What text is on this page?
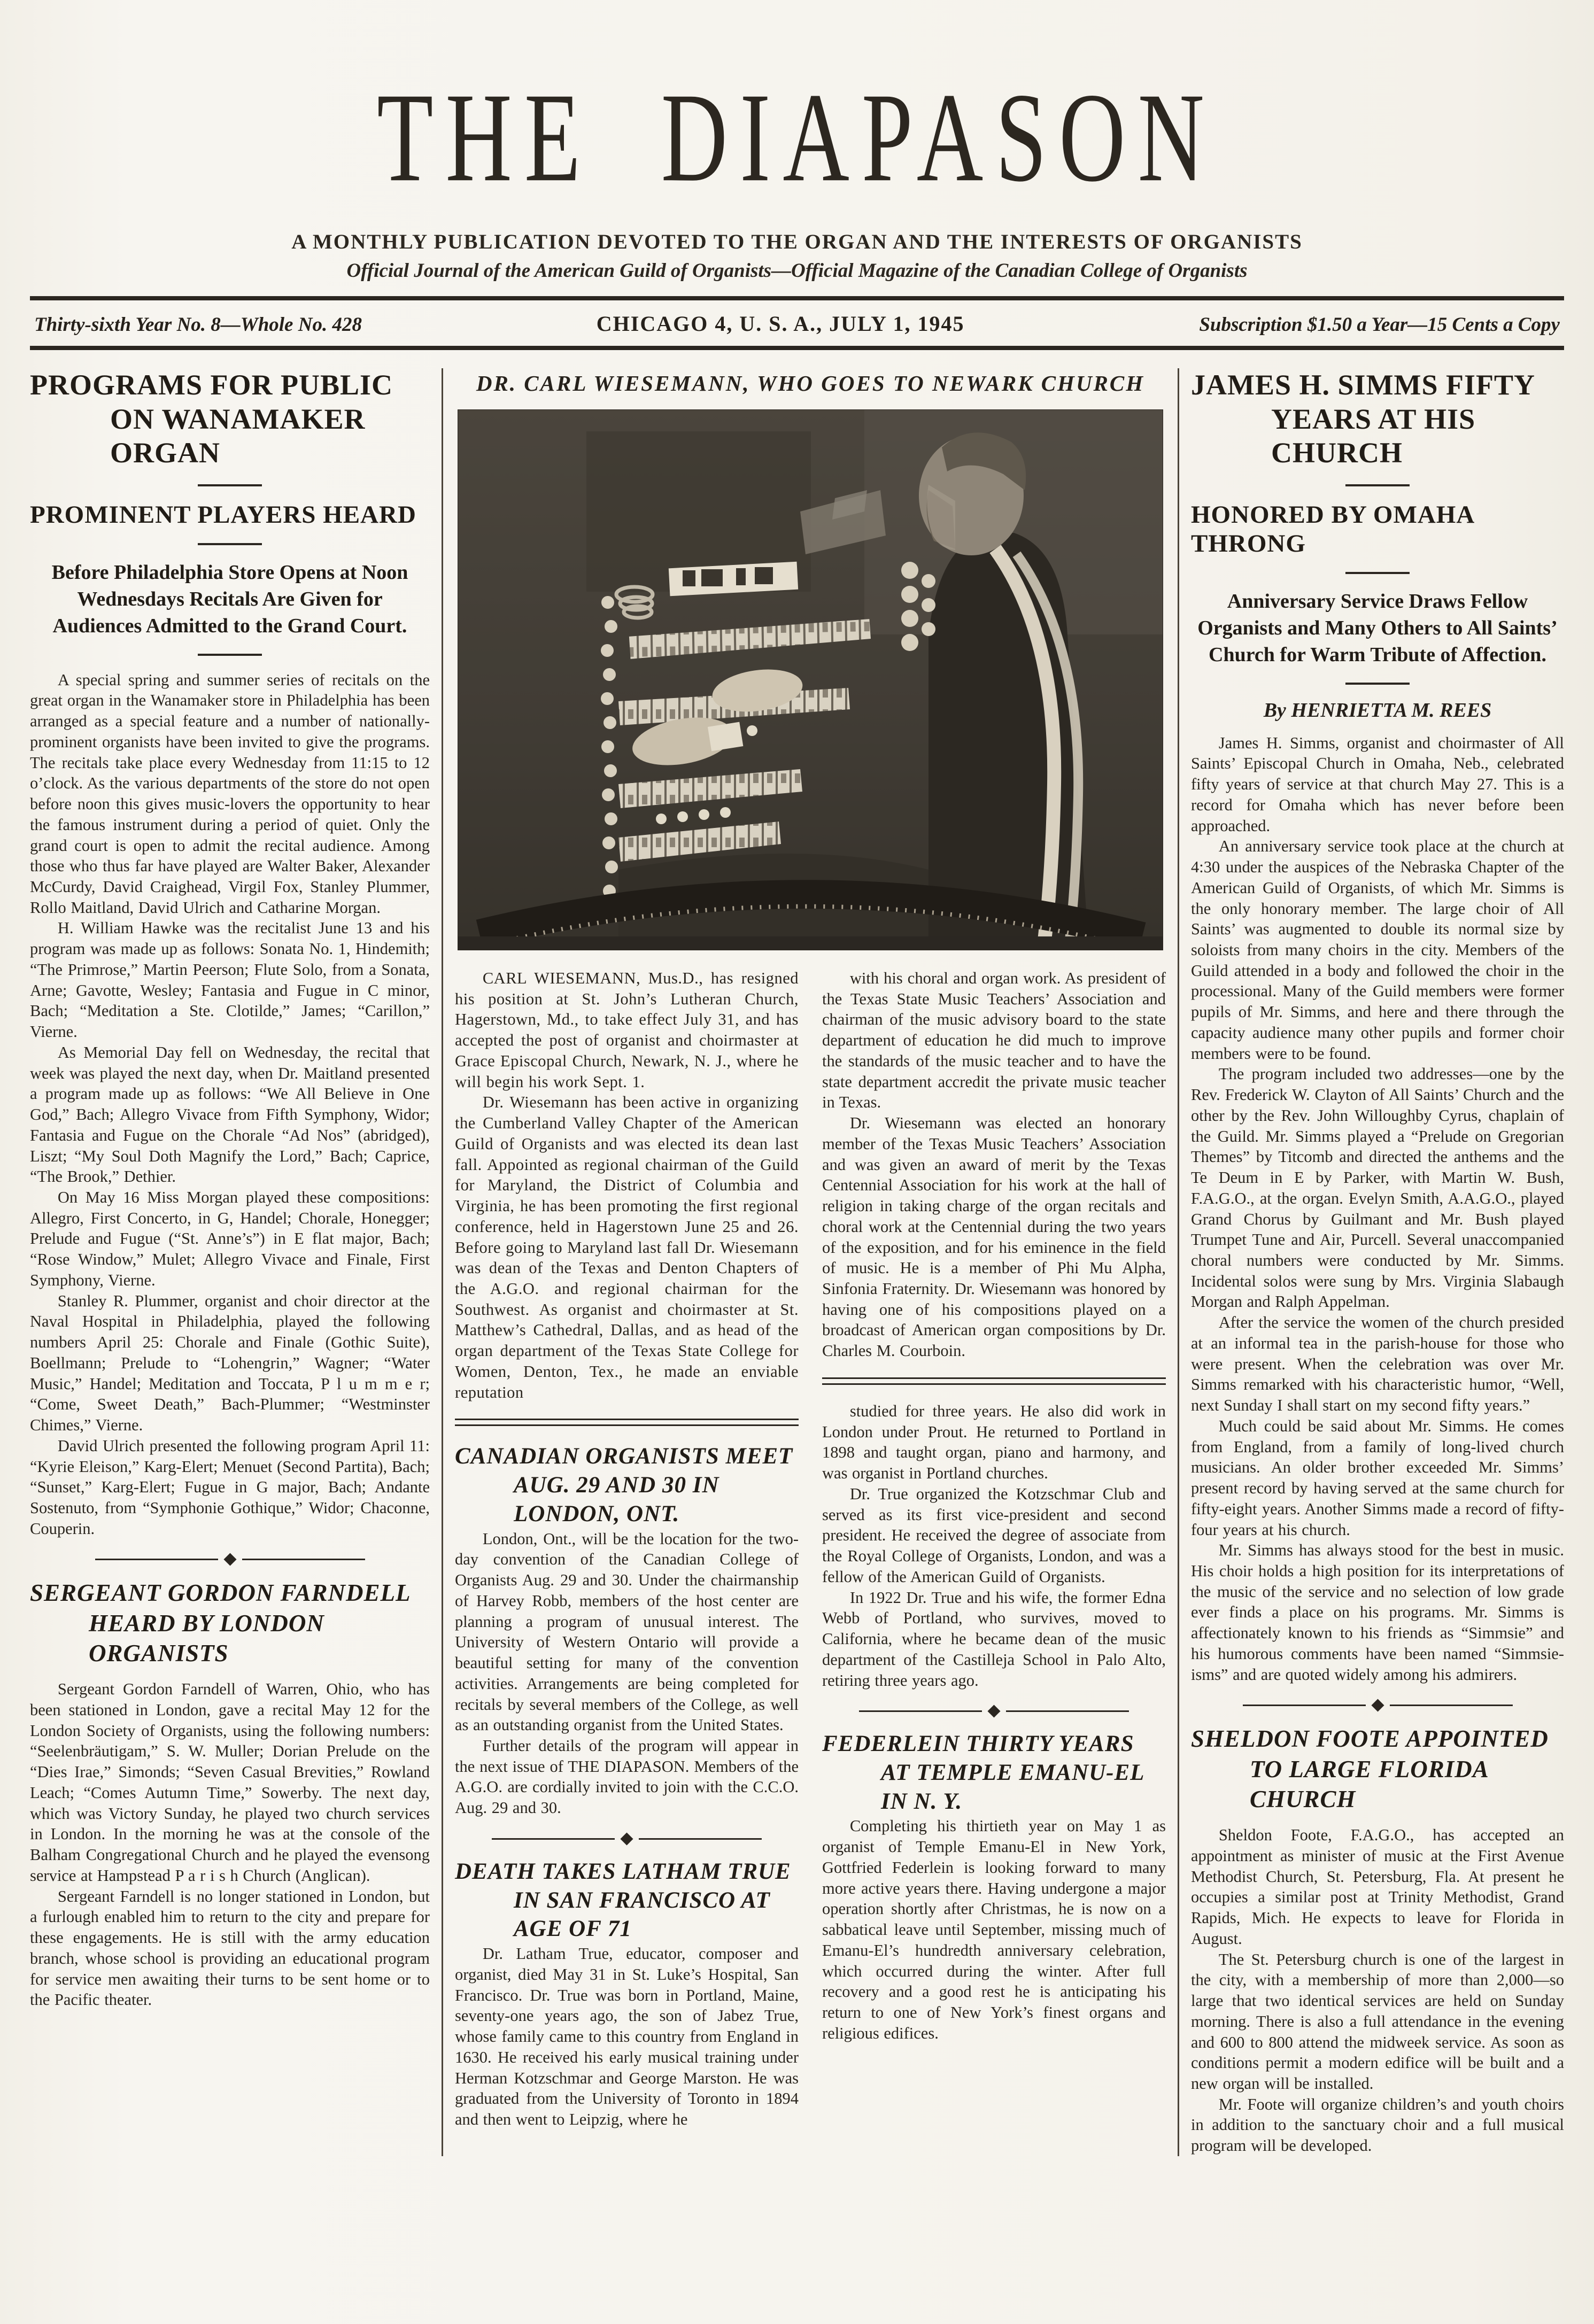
THE DIAPASON
A MONTHLY PUBLICATION DEVOTED TO THE ORGAN AND THE INTERESTS OF ORGANISTS
Official Journal of the American Guild of Organists—Official Magazine of the Canadian College of Organists
Thirty-sixth Year No. 8—Whole No. 428	CHICAGO 4, U. S. A., JULY 1, 1945	Subscription $1.50 a Year—15 Cents a Copy
PROGRAMS FOR PUBLIC
ON WANAMAKER ORGAN
PROMINENT PLAYERS HEARD
Before Philadelphia Store Opens at Noon Wednesdays Recitals Are Given for Audiences Admitted to the Grand Court.

A special spring and summer series of recitals on the great organ in the Wanamaker store in Philadelphia has been arranged as a special feature and a number of nationally-prominent organists have been invited to give the programs. The recitals take place every Wednesday from 11:15 to 12 o’clock. As the various departments of the store do not open before noon this gives music-lovers the opportunity to hear the famous instrument during a period of quiet. Only the grand court is open to admit the recital audience. Among those who thus far have played are Walter Baker, Alexander McCurdy, David Craighead, Virgil Fox, Stanley Plummer, Rollo Maitland, David Ulrich and Catharine Morgan.

H. William Hawke was the recitalist June 13 and his program was made up as follows: Sonata No. 1, Hindemith; “The Primrose,” Martin Peerson; Flute Solo, from a Sonata, Arne; Gavotte, Wesley; Fantasia and Fugue in C minor, Bach; “Meditation a Ste. Clotilde,” James; “Carillon,” Vierne.

As Memorial Day fell on Wednesday, the recital that week was played the next day, when Dr. Maitland presented a program made up as follows: “We All Believe in One God,” Bach; Allegro Vivace from Fifth Symphony, Widor; Fantasia and Fugue on the Chorale “Ad Nos” (abridged), Liszt; “My Soul Doth Magnify the Lord,” Bach; Caprice, “The Brook,” Dethier.

On May 16 Miss Morgan played these compositions: Allegro, First Concerto, in G, Handel; Chorale, Honegger; Prelude and Fugue (“St. Anne’s”) in E flat major, Bach; “Rose Window,” Mulet; Allegro Vivace and Finale, First Symphony, Vierne.

Stanley R. Plummer, organist and choir director at the Naval Hospital in Philadelphia, played the following numbers April 25: Chorale and Finale (Gothic Suite), Boellmann; Prelude to “Lohengrin,” Wagner; “Water Music,” Handel; Meditation and Toccata, P l u m m e r; “Come, Sweet Death,” Bach-Plummer; “Westminster Chimes,” Vierne.

David Ulrich presented the following program April 11: “Kyrie Eleison,” Karg-Elert; Menuet (Second Partita), Bach; “Sunset,” Karg-Elert; Fugue in G major, Bach; Andante Sostenuto, from “Symphonie Gothique,” Widor; Chaconne, Couperin.

SERGEANT GORDON FARNDELL
HEARD BY LONDON ORGANISTS

Sergeant Gordon Farndell of Warren, Ohio, who has been stationed in London, gave a recital May 12 for the London Society of Organists, using the following numbers: “Seelenbräutigam,” S. W. Muller; Dorian Prelude on the “Dies Irae,” Simonds; “Seven Casual Brevities,” Rowland Leach; “Comes Autumn Time,” Sowerby. The next day, which was Victory Sunday, he played two church services in London. In the morning he was at the console of the Balham Congregational Church and he played the evensong service at Hampstead P a r i s h Church (Anglican).

Sergeant Farndell is no longer stationed in London, but a furlough enabled him to return to the city and prepare for these engagements. He is still with the army education branch, whose school is providing an educational program for service men awaiting their turns to be sent home or to the Pacific theater.

DR. CARL WIESEMANN, WHO GOES TO NEWARK CHURCH

CARL WIESEMANN, Mus.D., has resigned his position at St. John’s Lutheran Church, Hagerstown, Md., to take effect July 31, and has accepted the post of organist and choirmaster at Grace Episcopal Church, Newark, N. J., where he will begin his work Sept. 1.

Dr. Wiesemann has been active in organizing the Cumberland Valley Chapter of the American Guild of Organists and was elected its dean last fall. Appointed as regional chairman of the Guild for Maryland, the District of Columbia and Virginia, he has been promoting the first regional conference, held in Hagerstown June 25 and 26. Before going to Maryland last fall Dr. Wiesemann was dean of the Texas and Denton Chapters of the A.G.O. and regional chairman for the Southwest. As organist and choirmaster at St. Matthew’s Cathedral, Dallas, and as head of the organ department of the Texas State College for Women, Denton, Tex., he made an enviable reputation

CANADIAN ORGANISTS MEET
AUG. 29 AND 30 IN LONDON, ONT.

London, Ont., will be the location for the two-day convention of the Canadian College of Organists Aug. 29 and 30. Under the chairmanship of Harvey Robb, members of the host center are planning a program of unusual interest. The University of Western Ontario will provide a beautiful setting for many of the convention activities. Arrangements are being completed for recitals by several members of the College, as well as an outstanding organist from the United States.

Further details of the program will appear in the next issue of THE DIAPASON. Members of the A.G.O. are cordially invited to join with the C.C.O. Aug. 29 and 30.

DEATH TAKES LATHAM TRUE
IN SAN FRANCISCO AT AGE OF 71

Dr. Latham True, educator, composer and organist, died May 31 in St. Luke’s Hospital, San Francisco. Dr. True was born in Portland, Maine, seventy-one years ago, the son of Jabez True, whose family came to this country from England in 1630. He received his early musical training under Herman Kotzschmar and George Marston. He was graduated from the University of Toronto in 1894 and then went to Leipzig, where he

with his choral and organ work. As president of the Texas State Music Teachers’ Association and chairman of the music advisory board to the state department of education he did much to improve the standards of the music teacher and to have the state department accredit the private music teacher in Texas.

Dr. Wiesemann was elected an honorary member of the Texas Music Teachers’ Association and was given an award of merit by the Texas Centennial Association for his work at the hall of religion in taking charge of the organ recitals and choral work at the Centennial during the two years of the exposition, and for his eminence in the field of music. He is a member of Phi Mu Alpha, Sinfonia Fraternity. Dr. Wiesemann was honored by having one of his compositions played on a broadcast of American organ compositions by Dr. Charles M. Courboin.

studied for three years. He also did work in London under Prout. He returned to Portland in 1898 and taught organ, piano and harmony, and was organist in Portland churches.

Dr. True organized the Kotzschmar Club and served as its first vice-president and second president. He received the degree of associate from the Royal College of Organists, London, and was a fellow of the American Guild of Organists.

In 1922 Dr. True and his wife, the former Edna Webb of Portland, who survives, moved to California, where he became dean of the music department of the Castilleja School in Palo Alto, retiring three years ago.

FEDERLEIN THIRTY YEARS
AT TEMPLE EMANU-EL IN N. Y.

Completing his thirtieth year on May 1 as organist of Temple Emanu-El in New York, Gottfried Federlein is looking forward to many more active years there. Having undergone a major operation shortly after Christmas, he is now on a sabbatical leave until September, missing much of Emanu-El’s hundredth anniversary celebration, which occurred during the winter. After full recovery and a good rest he is anticipating his return to one of New York’s finest organs and religious edifices.

JAMES H. SIMMS FIFTY
YEARS AT HIS CHURCH
HONORED BY OMAHA THRONG
Anniversary Service Draws Fellow Organists and Many Others to All Saints’ Church for Warm Tribute of Affection.
By HENRIETTA M. REES

James H. Simms, organist and choirmaster of All Saints’ Episcopal Church in Omaha, Neb., celebrated fifty years of service at that church May 27. This is a record for Omaha which has never before been approached.

An anniversary service took place at the church at 4:30 under the auspices of the Nebraska Chapter of the American Guild of Organists, of which Mr. Simms is the only honorary member. The large choir of All Saints’ was augmented to double its normal size by soloists from many choirs in the city. Members of the Guild attended in a body and followed the choir in the processional. Many of the Guild members were former pupils of Mr. Simms, and here and there through the capacity audience many other pupils and former choir members were to be found.

The program included two addresses—one by the Rev. Frederick W. Clayton of All Saints’ Church and the other by the Rev. John Willoughby Cyrus, chaplain of the Guild. Mr. Simms played a “Prelude on Gregorian Themes” by Titcomb and directed the anthems and the Te Deum in E by Parker, with Martin W. Bush, F.A.G.O., at the organ. Evelyn Smith, A.A.G.O., played Grand Chorus by Guilmant and Mr. Bush played Trumpet Tune and Air, Purcell. Several unaccompanied choral numbers were conducted by Mr. Simms. Incidental solos were sung by Mrs. Virginia Slabaugh Morgan and Ralph Appelman.

After the service the women of the church presided at an informal tea in the parish-house for those who were present. When the celebration was over Mr. Simms remarked with his characteristic humor, “Well, next Sunday I shall start on my second fifty years.”

Much could be said about Mr. Simms. He comes from England, from a family of long-lived church musicians. An older brother exceeded Mr. Simms’ present record by having served at the same church for fifty-eight years. Another Simms made a record of fifty-four years at his church.

Mr. Simms has always stood for the best in music. His choir holds a high position for its interpretations of the music of the service and no selection of low grade ever finds a place on his programs. Mr. Simms is affectionately known to his friends as “Simmsie” and his humorous comments have been named “Simmsie-isms” and are quoted widely among his admirers.

SHELDON FOOTE APPOINTED
TO LARGE FLORIDA CHURCH

Sheldon Foote, F.A.G.O., has accepted an appointment as minister of music at the First Avenue Methodist Church, St. Petersburg, Fla. At present he occupies a similar post at Trinity Methodist, Grand Rapids, Mich. He expects to leave for Florida in August.

The St. Petersburg church is one of the largest in the city, with a membership of more than 2,000—so large that two identical services are held on Sunday morning. There is also a full attendance in the evening and 600 to 800 attend the midweek service. As soon as conditions permit a modern edifice will be built and a new organ will be installed.

Mr. Foote will organize children’s and youth choirs in addition to the sanctuary choir and a full musical program will be developed.
